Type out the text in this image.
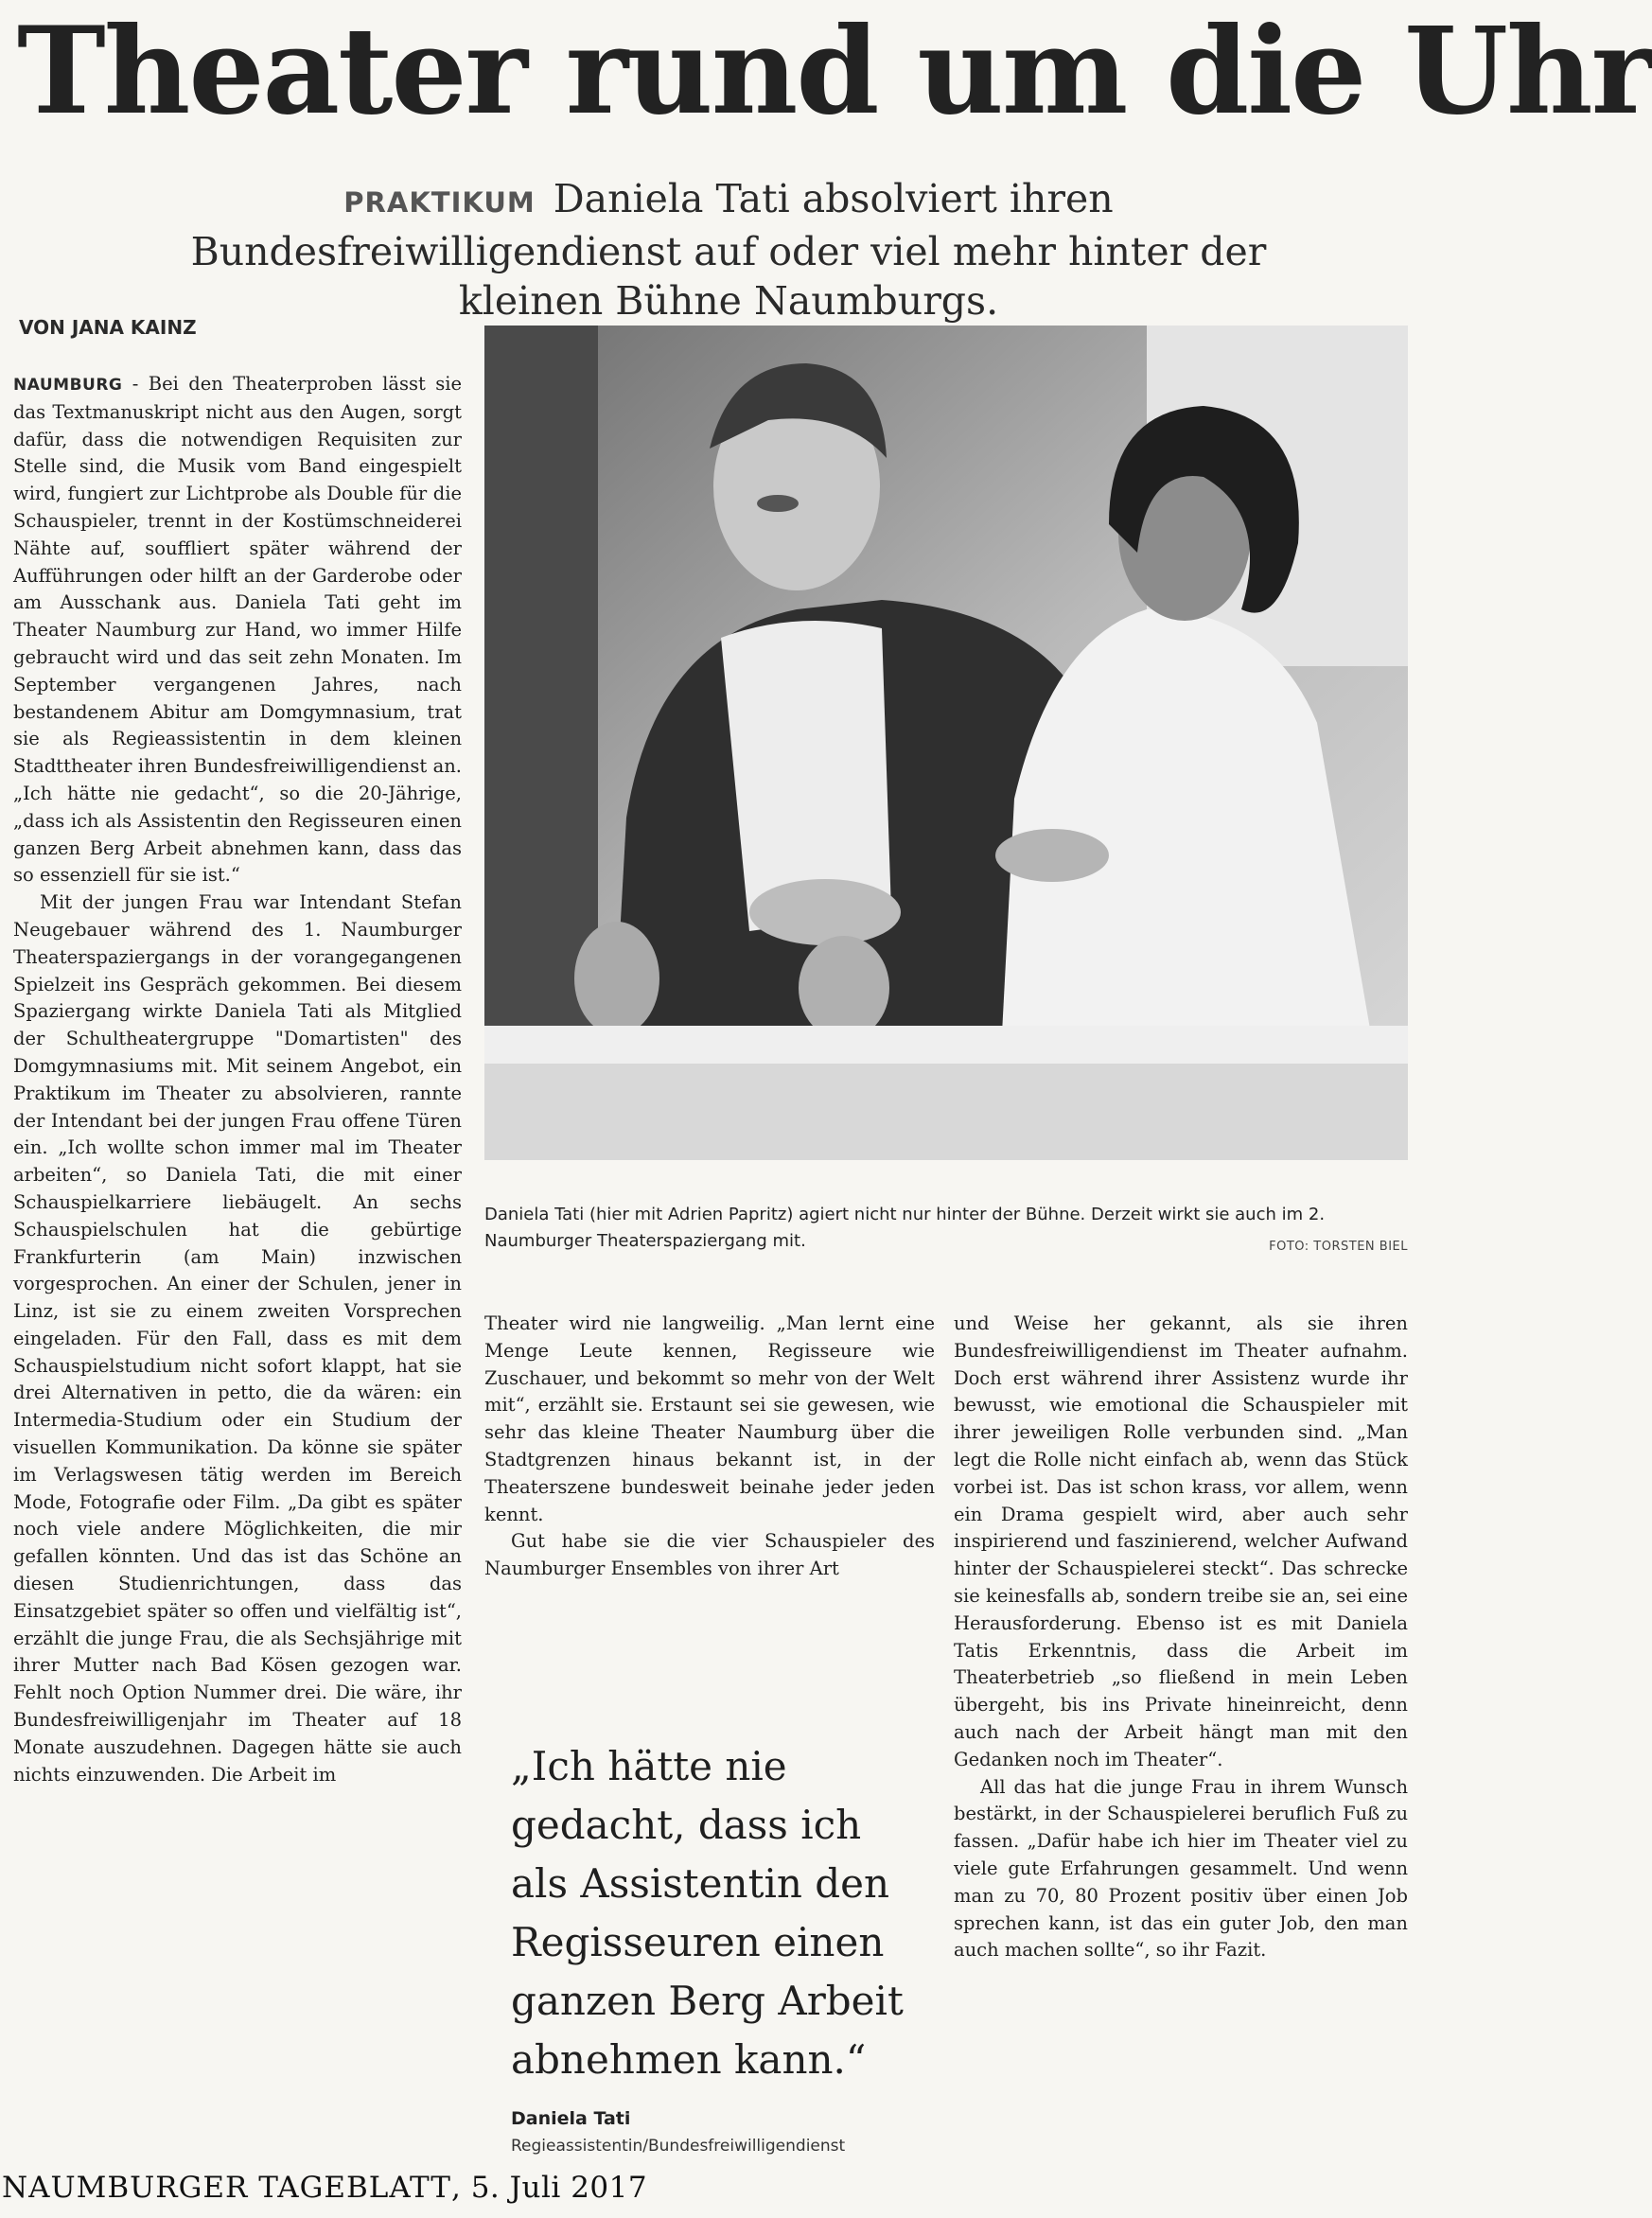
Theater rund um die Uhr
PRAKTIKUM Daniela Tati absolviert ihren Bundesfreiwilligendienst auf oder viel mehr hinter der kleinen Bühne Naumburgs.
VON JANA KAINZ

NAUMBURG - Bei den Theaterproben lässt sie das Textmanuskript nicht aus den Augen, sorgt dafür, dass die notwendigen Requisiten zur Stelle sind, die Musik vom Band eingespielt wird, fungiert zur Lichtprobe als Double für die Schauspieler, trennt in der Kostümschneiderei Nähte auf, souffliert später während der Aufführungen oder hilft an der Garderobe oder am Ausschank aus. Daniela Tati geht im Theater Naumburg zur Hand, wo immer Hilfe gebraucht wird und das seit zehn Monaten. Im September vergangenen Jahres, nach bestandenem Abitur am Domgymnasium, trat sie als Regieassistentin in dem kleinen Stadttheater ihren Bundesfreiwilligendienst an. „Ich hätte nie gedacht“, so die 20-Jährige, „dass ich als Assistentin den Regisseuren einen ganzen Berg Arbeit abnehmen kann, dass das so essenziell für sie ist.“

Mit der jungen Frau war Intendant Stefan Neugebauer während des 1. Naumburger Theaterspaziergangs in der vorangegangenen Spielzeit ins Gespräch gekommen. Bei diesem Spaziergang wirkte Daniela Tati als Mitglied der Schultheatergruppe "Domartisten" des Domgymnasiums mit. Mit seinem Angebot, ein Praktikum im Theater zu absolvieren, rannte der Intendant bei der jungen Frau offene Türen ein. „Ich wollte schon immer mal im Theater arbeiten“, so Daniela Tati, die mit einer Schauspielkarriere liebäugelt. An sechs Schauspielschulen hat die gebürtige Frankfurterin (am Main) inzwischen vorgesprochen. An einer der Schulen, jener in Linz, ist sie zu einem zweiten Vorsprechen eingeladen. Für den Fall, dass es mit dem Schauspielstudium nicht sofort klappt, hat sie drei Alternativen in petto, die da wären: ein Intermedia-Studium oder ein Studium der visuellen Kommunikation. Da könne sie später im Verlagswesen tätig werden im Bereich Mode, Fotografie oder Film. „Da gibt es später noch viele andere Möglichkeiten, die mir gefallen könnten. Und das ist das Schöne an diesen Studienrichtungen, dass das Einsatzgebiet später so offen und vielfältig ist“, erzählt die junge Frau, die als Sechsjährige mit ihrer Mutter nach Bad Kösen gezogen war. Fehlt noch Option Nummer drei. Die wäre, ihr Bundesfreiwilligenjahr im Theater auf 18 Monate auszudehnen. Dagegen hätte sie auch nichts einzuwenden. Die Arbeit im

Daniela Tati (hier mit Adrien Papritz) agiert nicht nur hinter der Bühne. Derzeit wirkt sie auch im 2. Naumburger Theaterspaziergang mit.	FOTO: TORSTEN BIEL

Theater wird nie langweilig. „Man lernt eine Menge Leute kennen, Regisseure wie Zuschauer, und bekommt so mehr von der Welt mit“, erzählt sie. Erstaunt sei sie gewesen, wie sehr das kleine Theater Naumburg über die Stadtgrenzen hinaus bekannt ist, in der Theaterszene bundesweit beinahe jeder jeden kennt.

Gut habe sie die vier Schauspieler des Naumburger Ensembles von ihrer Art

„Ich hätte nie gedacht, dass ich als Assistentin den Regisseuren einen ganzen Berg Arbeit abnehmen kann.“
Daniela Tati
Regieassistentin/Bundesfreiwilligendienst

und Weise her gekannt, als sie ihren Bundesfreiwilligendienst im Theater aufnahm. Doch erst während ihrer Assistenz wurde ihr bewusst, wie emotional die Schauspieler mit ihrer jeweiligen Rolle verbunden sind. „Man legt die Rolle nicht einfach ab, wenn das Stück vorbei ist. Das ist schon krass, vor allem, wenn ein Drama gespielt wird, aber auch sehr inspirierend und faszinierend, welcher Aufwand hinter der Schauspielerei steckt“. Das schrecke sie keinesfalls ab, sondern treibe sie an, sei eine Herausforderung. Ebenso ist es mit Daniela Tatis Erkenntnis, dass die Arbeit im Theaterbetrieb „so fließend in mein Leben übergeht, bis ins Private hineinreicht, denn auch nach der Arbeit hängt man mit den Gedanken noch im Theater“.

All das hat die junge Frau in ihrem Wunsch bestärkt, in der Schauspielerei beruflich Fuß zu fassen. „Dafür habe ich hier im Theater viel zu viele gute Erfahrungen gesammelt. Und wenn man zu 70, 80 Prozent positiv über einen Job sprechen kann, ist das ein guter Job, den man auch machen sollte“, so ihr Fazit.

NAUMBURGER TAGEBLATT, 5. Juli 2017
